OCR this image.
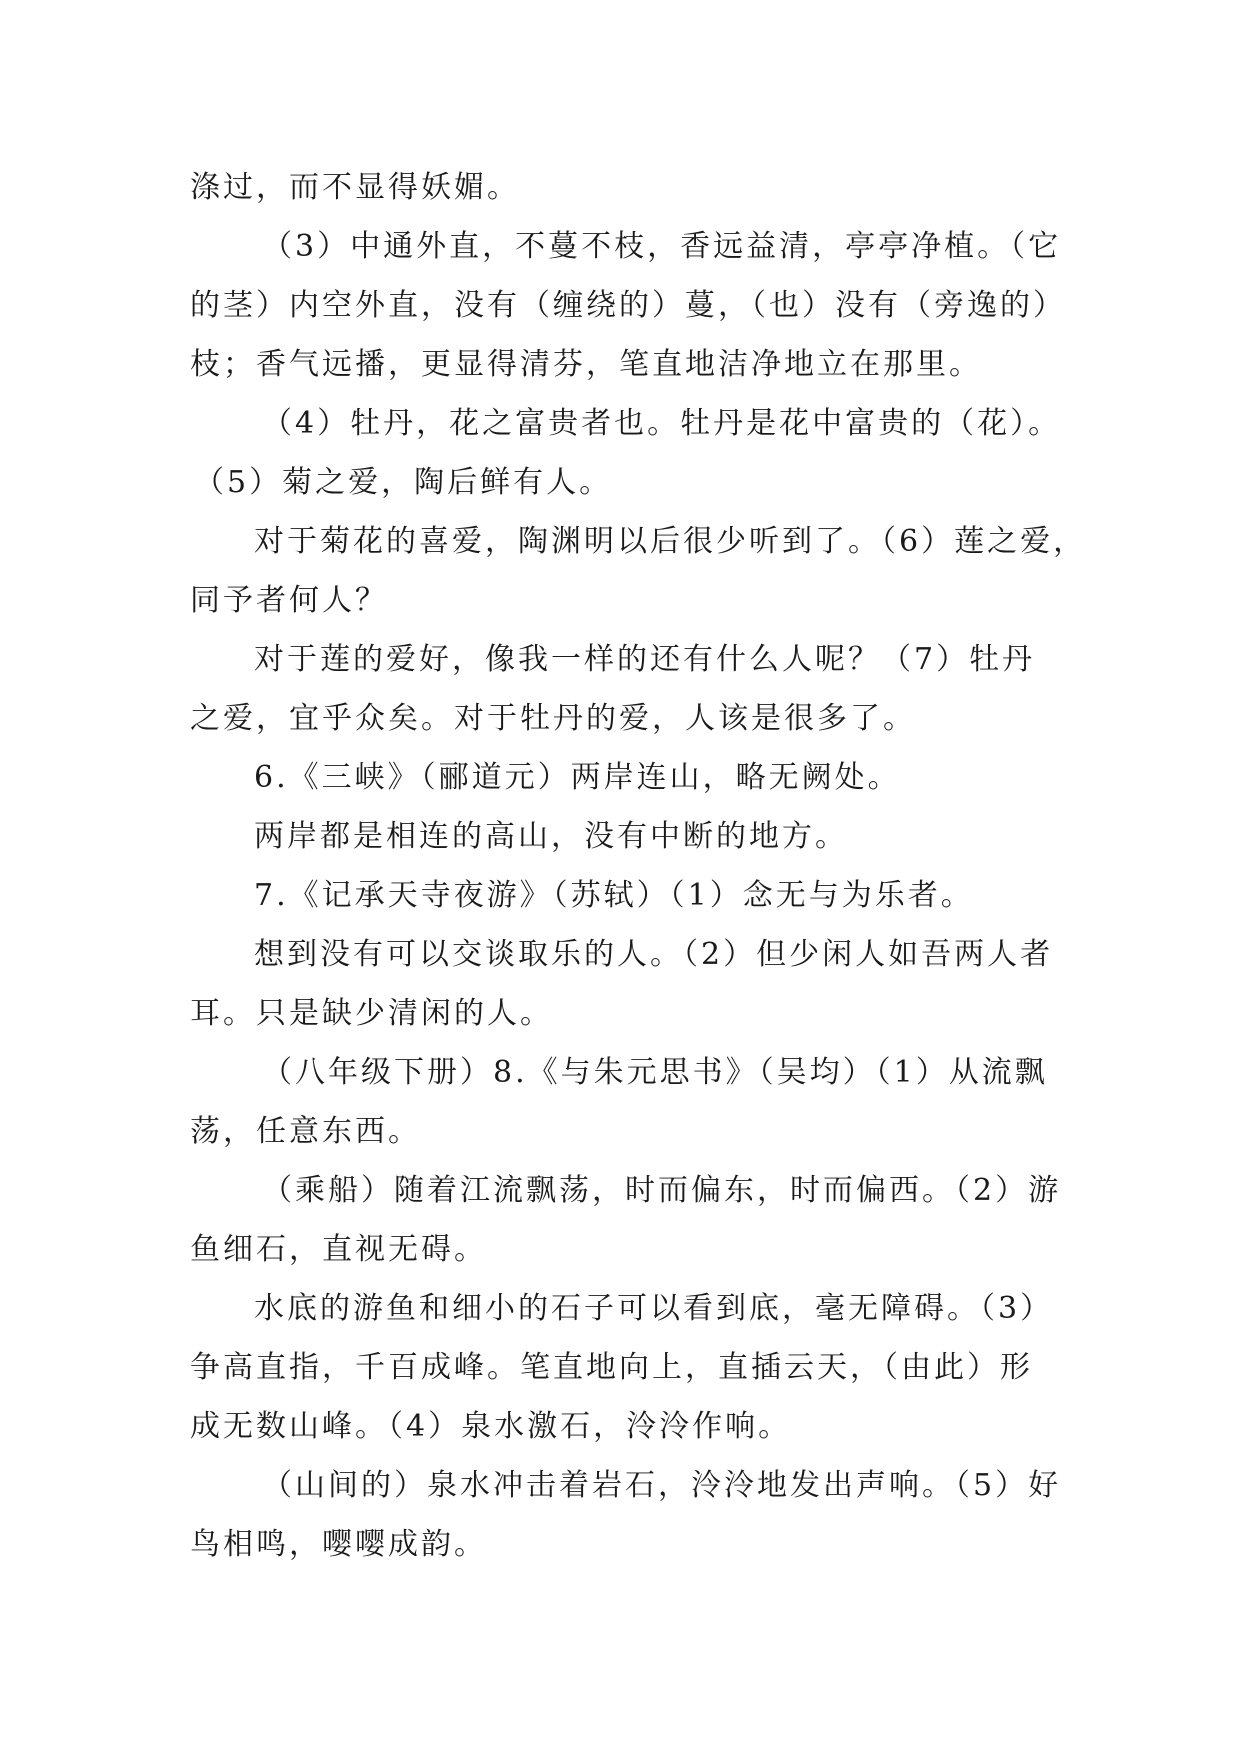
涤过，而不显得妖媚。
（3）中通外直，不蔓不枝，香远益清，亭亭净植。（它
的茎）内空外直，没有（缠绕的）蔓，（也）没有（旁逸的）
枝；香气远播，更显得清芬，笔直地洁净地立在那里。
（4）牡丹，花之富贵者也。牡丹是花中富贵的（花）。
（5）菊之爱，陶后鲜有人。
对于菊花的喜爱，陶渊明以后很少听到了。（6）莲之爱，
同予者何人？
对于莲的爱好，像我一样的还有什么人呢？（7）牡丹
之爱，宜乎众矣。对于牡丹的爱，人该是很多了。
6.《三峡》（郦道元）两岸连山，略无阙处。
两岸都是相连的高山，没有中断的地方。
7.《记承天寺夜游》（苏轼）（1）念无与为乐者。
想到没有可以交谈取乐的人。（2）但少闲人如吾两人者
耳。只是缺少清闲的人。
（八年级下册）8.《与朱元思书》（吴均）（1）从流飘
荡，任意东西。
（乘船）随着江流飘荡，时而偏东，时而偏西。（2）游
鱼细石，直视无碍。
水底的游鱼和细小的石子可以看到底，毫无障碍。（3）
争高直指，千百成峰。笔直地向上，直插云天，（由此）形
成无数山峰。（4）泉水激石，泠泠作响。
（山间的）泉水冲击着岩石，泠泠地发出声响。（5）好
鸟相鸣，嘤嘤成韵。
